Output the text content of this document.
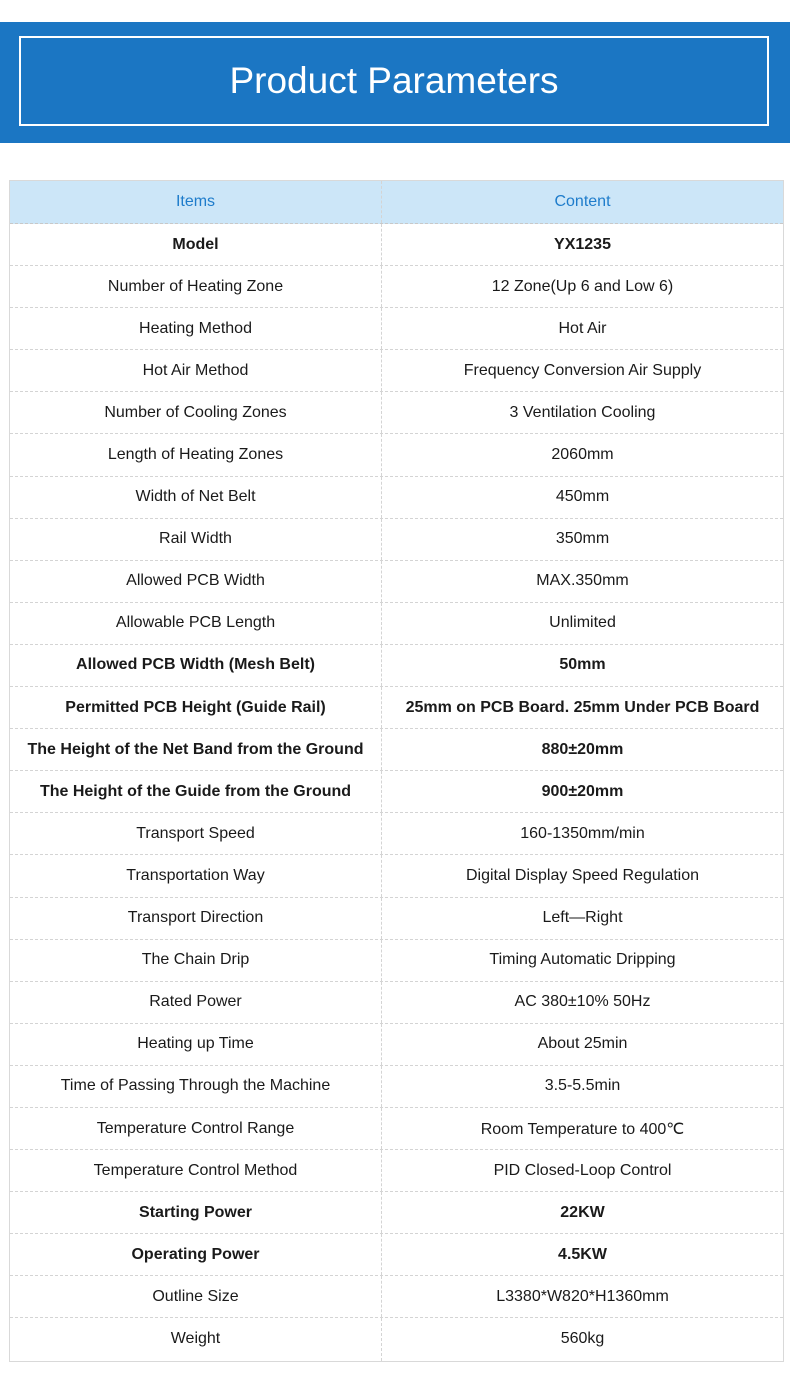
Product Parameters
Items	Content
Model	YX1235
Number of Heating Zone	12 Zone(Up 6 and Low 6)
Heating Method	Hot Air
Hot Air Method	Frequency Conversion Air Supply
Number of Cooling Zones	3 Ventilation Cooling
Length of Heating Zones	2060mm
Width of Net Belt	450mm
Rail Width	350mm
Allowed PCB Width	MAX.350mm
Allowable PCB Length	Unlimited
Allowed PCB Width (Mesh Belt)	50mm
Permitted PCB Height (Guide Rail)	25mm on PCB Board. 25mm Under PCB Board
The Height of the Net Band from the Ground	880±20mm
The Height of the Guide from the Ground	900±20mm
Transport Speed	160-1350mm/min
Transportation Way	Digital Display Speed Regulation
Transport Direction	Left—Right
The Chain Drip	Timing Automatic Dripping
Rated Power	AC 380±10% 50Hz
Heating up Time	About 25min
Time of Passing Through the Machine	3.5-5.5min
Temperature Control Range	Room Temperature to 400℃
Temperature Control Method	PID Closed-Loop Control
Starting Power	22KW
Operating Power	4.5KW
Outline Size	L3380*W820*H1360mm
Weight	560kg
